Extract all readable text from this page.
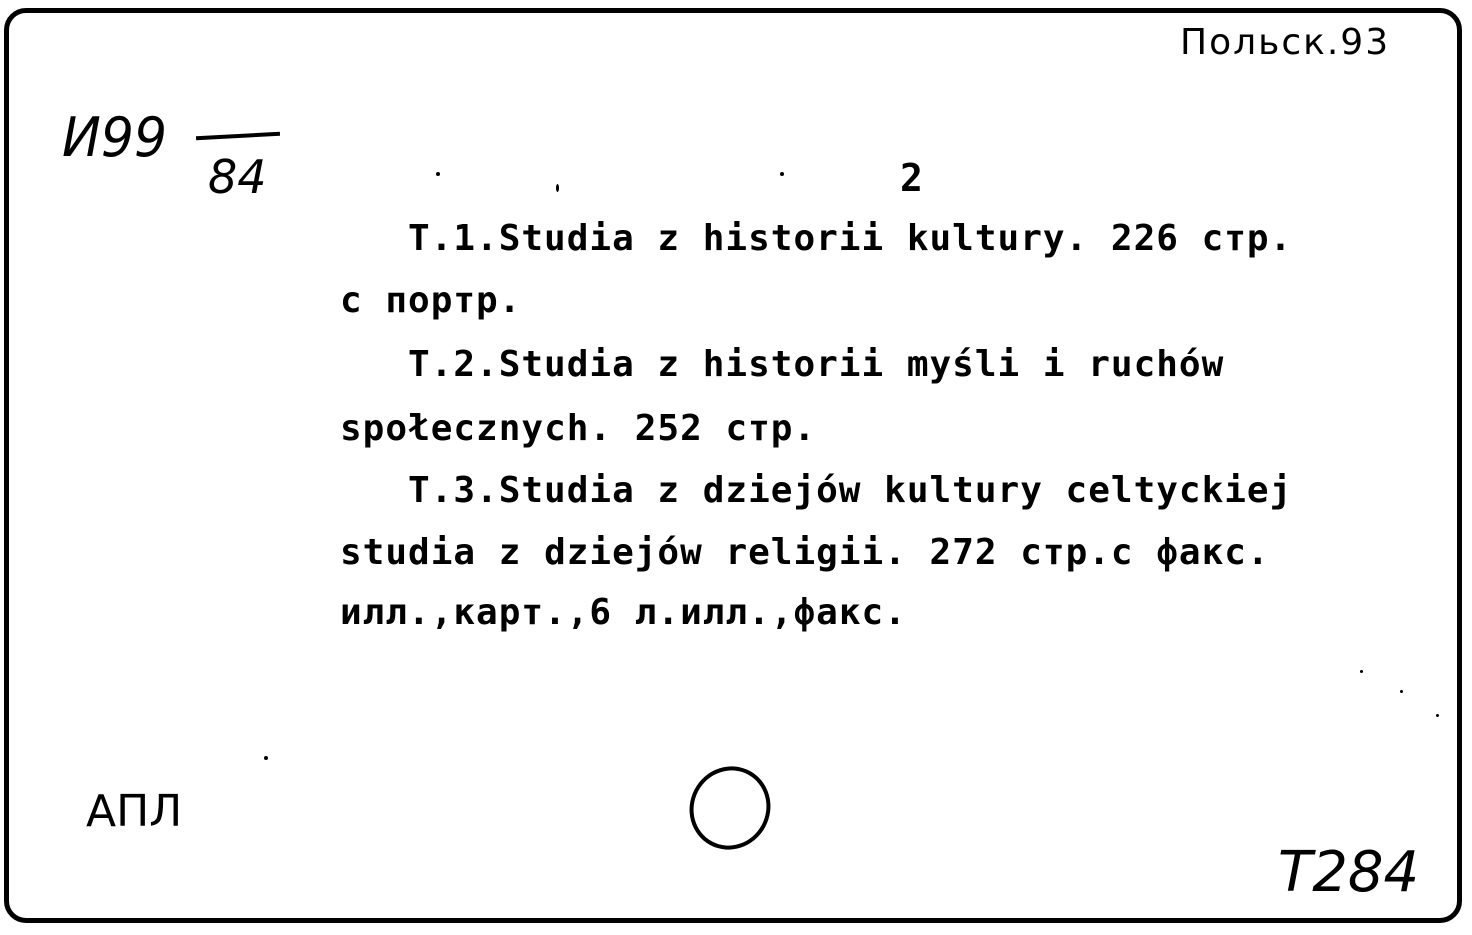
И99
84
Польск.93
2
T.1.Studia z historii kultury. 226 cтр.
c портр.
T.2.Studia z historii myśli i ruchów
społecznych. 252 cтр.
T.3.Studia z dziejów kultury celtyckiej
studia z dziejów religii. 272 cтр.c факс.
илл.,карт.,6 л.илл.,факс.
АПЛ
Т284
